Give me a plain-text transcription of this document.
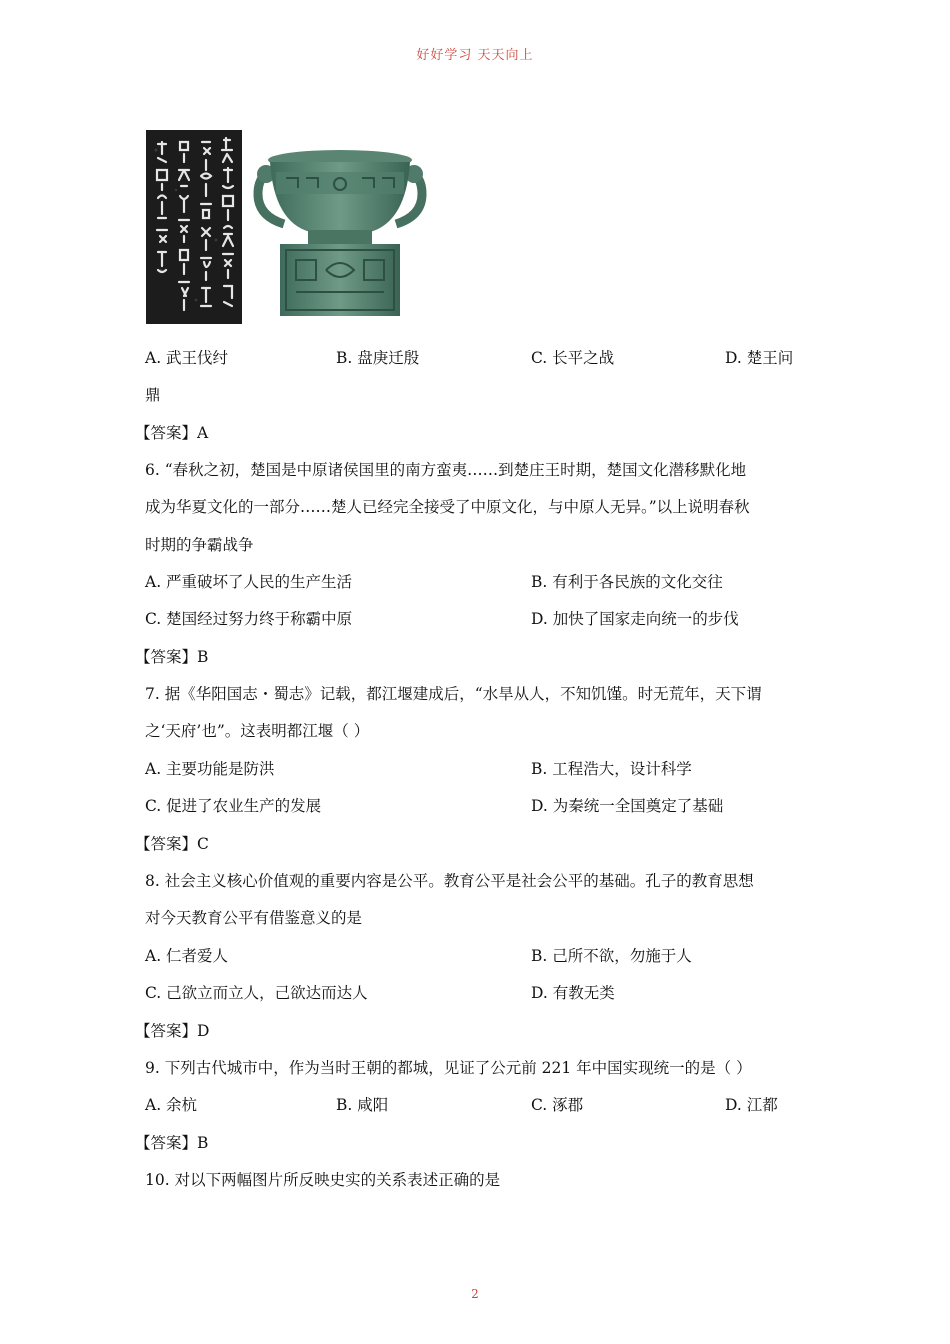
好好学习 天天向上
A. 武王伐纣	B. 盘庚迁殷	C. 长平之战	D. 楚王问
鼎
【答案】A
6. “春秋之初，楚国是中原诸侯国里的南方蛮夷……到楚庄王时期，楚国文化潜移默化地
成为华夏文化的一部分……楚人已经完全接受了中原文化，与中原人无异。”以上说明春秋
时期的争霸战争
A. 严重破坏了人民的生产生活	B. 有利于各民族的文化交往
C. 楚国经过努力终于称霸中原	D. 加快了国家走向统一的步伐
【答案】B
7. 据《华阳国志・蜀志》记载，都江堰建成后，“水旱从人，不知饥馑。时无荒年，天下谓
之‘天府’也”。这表明都江堰（ ）
A. 主要功能是防洪	B. 工程浩大，设计科学
C. 促进了农业生产的发展	D. 为秦统一全国奠定了基础
【答案】C
8. 社会主义核心价值观的重要内容是公平。教育公平是社会公平的基础。孔子的教育思想
对今天教育公平有借鉴意义的是
A. 仁者爱人	B. 己所不欲，勿施于人
C. 己欲立而立人，己欲达而达人	D. 有教无类
【答案】D
9. 下列古代城市中，作为当时王朝的都城，见证了公元前 221 年中国实现统一的是（ ）
A. 余杭	B. 咸阳	C. 涿郡	D. 江都
【答案】B
10. 对以下两幅图片所反映史实的关系表述正确的是
2
